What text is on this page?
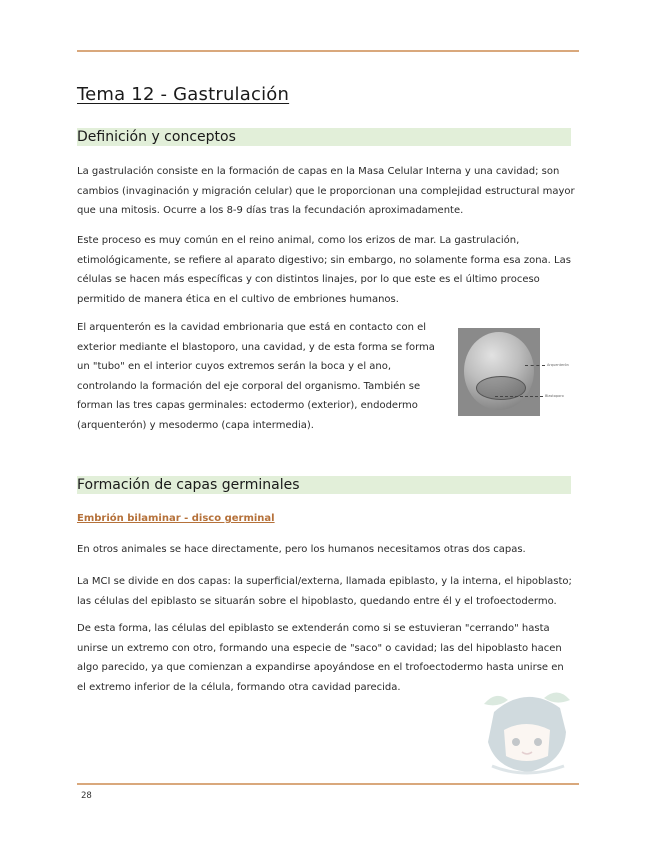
Tema 12 - Gastrulación
Definición y conceptos

La gastrulación consiste en la formación de capas en la Masa Celular Interna y una cavidad; son cambios (invaginación y migración celular) que le proporcionan una complejidad estructural mayor que una mitosis. Ocurre a los 8-9 días tras la fecundación aproximadamente.

Este proceso es muy común en el reino animal, como los erizos de mar. La gastrulación, etimológicamente, se refiere al aparato digestivo; sin embargo, no solamente forma esa zona. Las células se hacen más específicas y con distintos linajes, por lo que este es el último proceso permitido de manera ética en el cultivo de embriones humanos.

El arquenterón es la cavidad embrionaria que está en contacto con el exterior mediante el blastoporo, una cavidad, y de esta forma se forma un "tubo" en el interior cuyos extremos serán la boca y el ano, controlando la formación del eje corporal del organismo. También se forman las tres capas germinales: ectodermo (exterior), endodermo (arquenterón) y mesodermo (capa intermedia).

Arquenterón
Blastoporo
Formación de capas germinales

Embrión bilaminar - disco germinal

En otros animales se hace directamente, pero los humanos necesitamos otras dos capas.

La MCI se divide en dos capas: la superficial/externa, llamada epiblasto, y la interna, el hipoblasto; las células del epiblasto se situarán sobre el hipoblasto, quedando entre él y el trofoectodermo.

De esta forma, las células del epiblasto se extenderán como si se estuvieran "cerrando" hasta unirse un extremo con otro, formando una especie de "saco" o cavidad; las del hipoblasto hacen algo parecido, ya que comienzan a expandirse apoyándose en el trofoectodermo hasta unirse en el extremo inferior de la célula, formando otra cavidad parecida.

28
